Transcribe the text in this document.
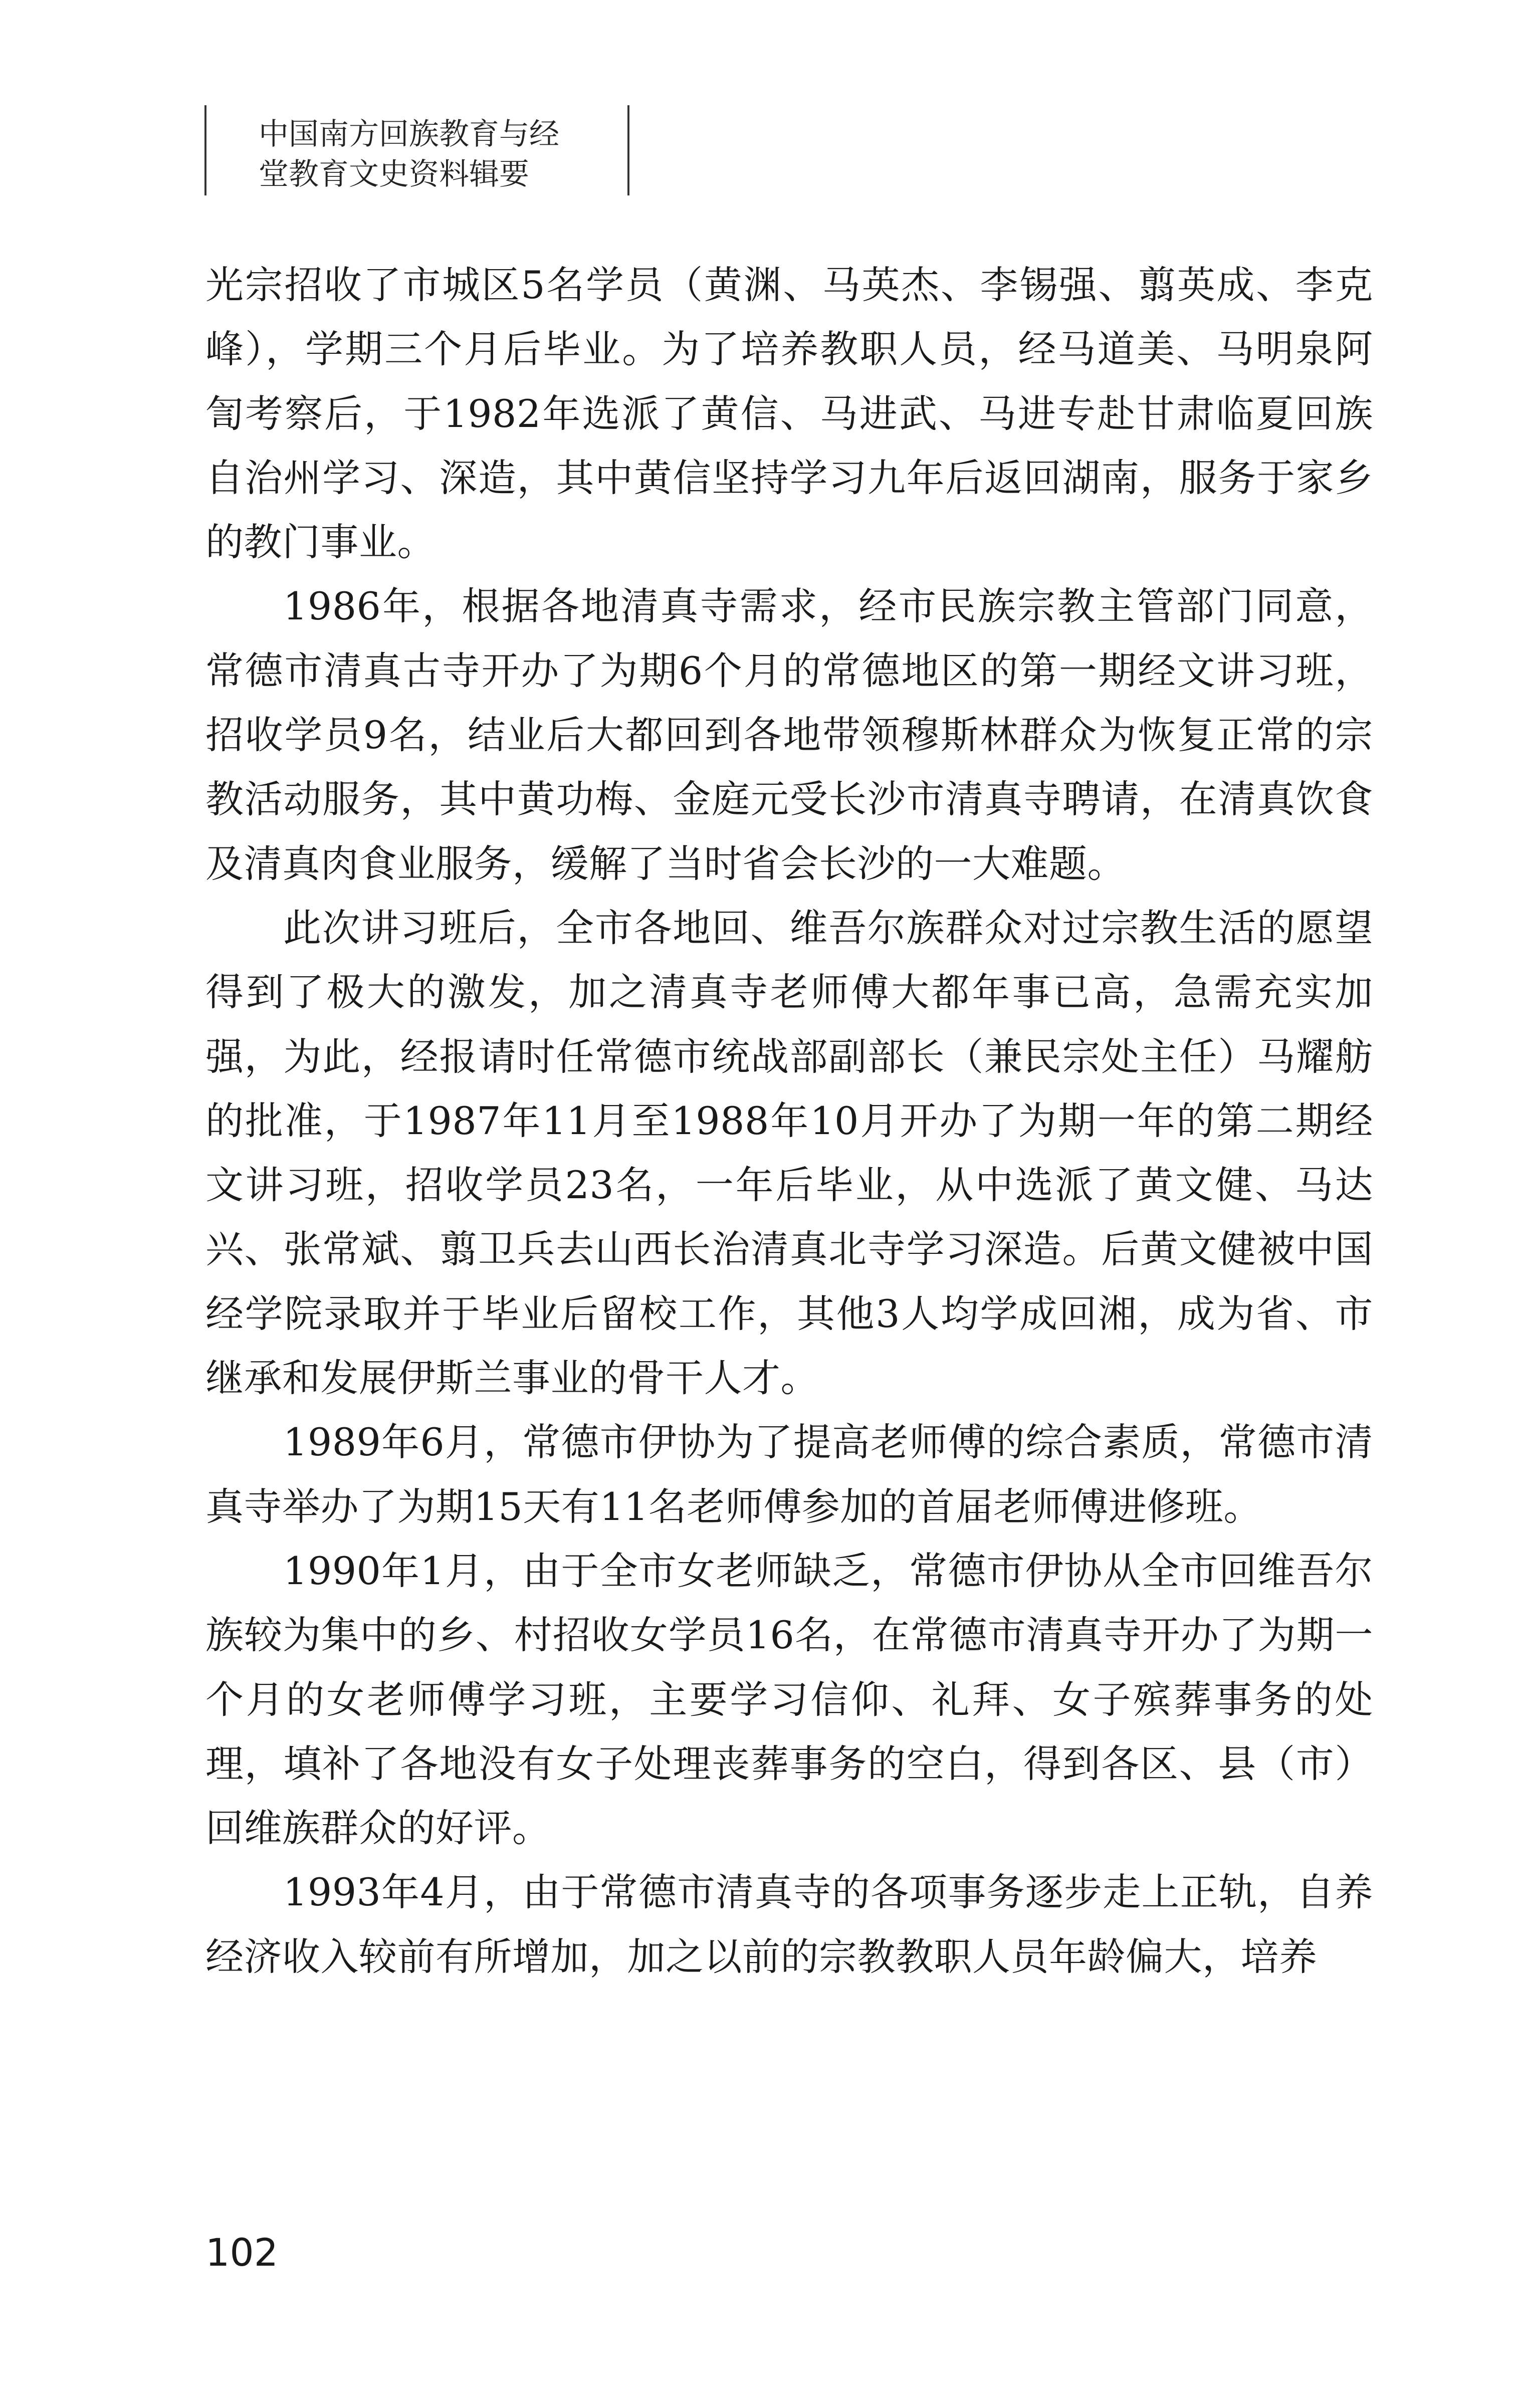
中国南方回族教育与经
堂教育文史资料辑要

光宗招收了市城区5名学员（黄渊、马英杰、李锡强、翦英成、李克峰），学期三个月后毕业。为了培养教职人员，经马道美、马明泉阿訇考察后，于1982年选派了黄信、马进武、马进专赴甘肃临夏回族自治州学习、深造，其中黄信坚持学习九年后返回湖南，服务于家乡的教门事业。

1986年，根据各地清真寺需求，经市民族宗教主管部门同意，常德市清真古寺开办了为期6个月的常德地区的第一期经文讲习班，招收学员9名，结业后大都回到各地带领穆斯林群众为恢复正常的宗教活动服务，其中黄功梅、金庭元受长沙市清真寺聘请，在清真饮食及清真肉食业服务，缓解了当时省会长沙的一大难题。

此次讲习班后，全市各地回、维吾尔族群众对过宗教生活的愿望得到了极大的激发，加之清真寺老师傅大都年事已高，急需充实加强，为此，经报请时任常德市统战部副部长（兼民宗处主任）马耀舫的批准，于1987年11月至1988年10月开办了为期一年的第二期经文讲习班，招收学员23名，一年后毕业，从中选派了黄文健、马达兴、张常斌、翦卫兵去山西长治清真北寺学习深造。后黄文健被中国经学院录取并于毕业后留校工作，其他3人均学成回湘，成为省、市继承和发展伊斯兰事业的骨干人才。

1989年6月，常德市伊协为了提高老师傅的综合素质，常德市清真寺举办了为期15天有11名老师傅参加的首届老师傅进修班。

1990年1月，由于全市女老师缺乏，常德市伊协从全市回维吾尔族较为集中的乡、村招收女学员16名，在常德市清真寺开办了为期一个月的女老师傅学习班，主要学习信仰、礼拜、女子殡葬事务的处理，填补了各地没有女子处理丧葬事务的空白，得到各区、县（市）回维族群众的好评。

1993年4月，由于常德市清真寺的各项事务逐步走上正轨，自养经济收入较前有所增加，加之以前的宗教教职人员年龄偏大，培养

102
